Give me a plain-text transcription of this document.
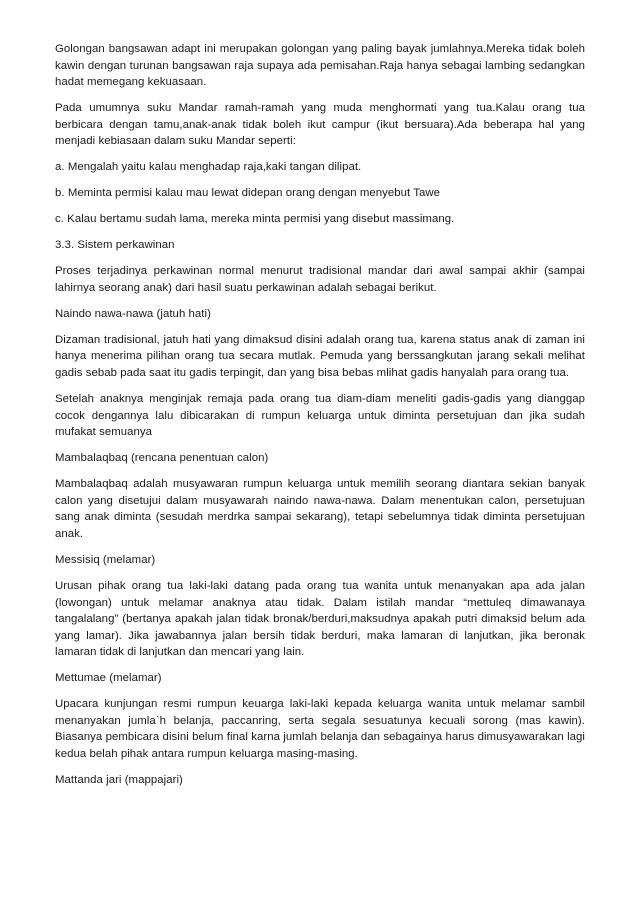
Golongan bangsawan adapt ini merupakan golongan yang paling bayak jumlahnya.Mereka tidak boleh kawin dengan turunan bangsawan raja supaya ada pemisahan.Raja hanya sebagai lambing sedangkan hadat memegang kekuasaan.

Pada umumnya suku Mandar ramah-ramah yang muda menghormati yang tua.Kalau orang tua berbicara dengan tamu,anak-anak tidak boleh ikut campur (ikut bersuara).Ada beberapa hal yang menjadi kebiasaan dalam suku Mandar seperti:

a. Mengalah yaitu kalau menghadap raja,kaki tangan dilipat.

b. Meminta permisi kalau mau lewat didepan orang dengan menyebut Tawe

c. Kalau bertamu sudah lama, mereka minta permisi yang disebut massimang.

3.3. Sistem perkawinan

Proses terjadinya perkawinan normal menurut tradisional mandar dari awal sampai akhir (sampai lahirnya seorang anak) dari hasil suatu perkawinan adalah sebagai berikut.

Naindo nawa-nawa (jatuh hati)

Dizaman tradisional, jatuh hati yang dimaksud disini adalah orang tua, karena status anak di zaman ini hanya menerima pilihan orang tua secara mutlak. Pemuda yang berssangkutan jarang sekali melihat gadis sebab pada saat itu gadis terpingit, dan yang bisa bebas mlihat gadis hanyalah para orang tua.

Setelah anaknya menginjak remaja pada orang tua diam-diam meneliti gadis-gadis yang dianggap cocok dengannya lalu dibicarakan di rumpun keluarga untuk diminta persetujuan dan jika sudah mufakat semuanya

Mambalaqbaq (rencana penentuan calon)

Mambalaqbaq adalah musyawaran rumpun keluarga untuk memilih seorang diantara sekian banyak calon yang disetujui dalam musyawarah naindo nawa-nawa. Dalam menentukan calon, persetujuan sang anak diminta (sesudah merdrka sampai sekarang), tetapi sebelumnya tidak diminta persetujuan anak.

Messisiq (melamar)

Urusan pihak orang tua laki-laki datang pada orang tua wanita untuk menanyakan apa ada jalan (lowongan) untuk melamar anaknya atau tidak. Dalam istilah mandar “mettuleq dimawanaya tangalalang” (bertanya apakah jalan tidak bronak/berduri,maksudnya apakah putri dimaksid belum ada yang lamar). Jika jawabannya jalan bersih tidak berduri, maka lamaran di lanjutkan, jika beronak lamaran tidak di lanjutkan dan mencari yang lain.

Mettumae (melamar)

Upacara kunjungan resmi rumpun keuarga laki-laki kepada keluarga wanita untuk melamar sambil menanyakan jumla`h belanja, paccanring, serta segala sesuatunya kecuali sorong (mas kawin). Biasanya pembicara disini belum final karna jumlah belanja dan sebagainya harus dimusyawarakan lagi kedua belah pihak antara rumpun keluarga masing-masing.

Mattanda jari (mappajari)
